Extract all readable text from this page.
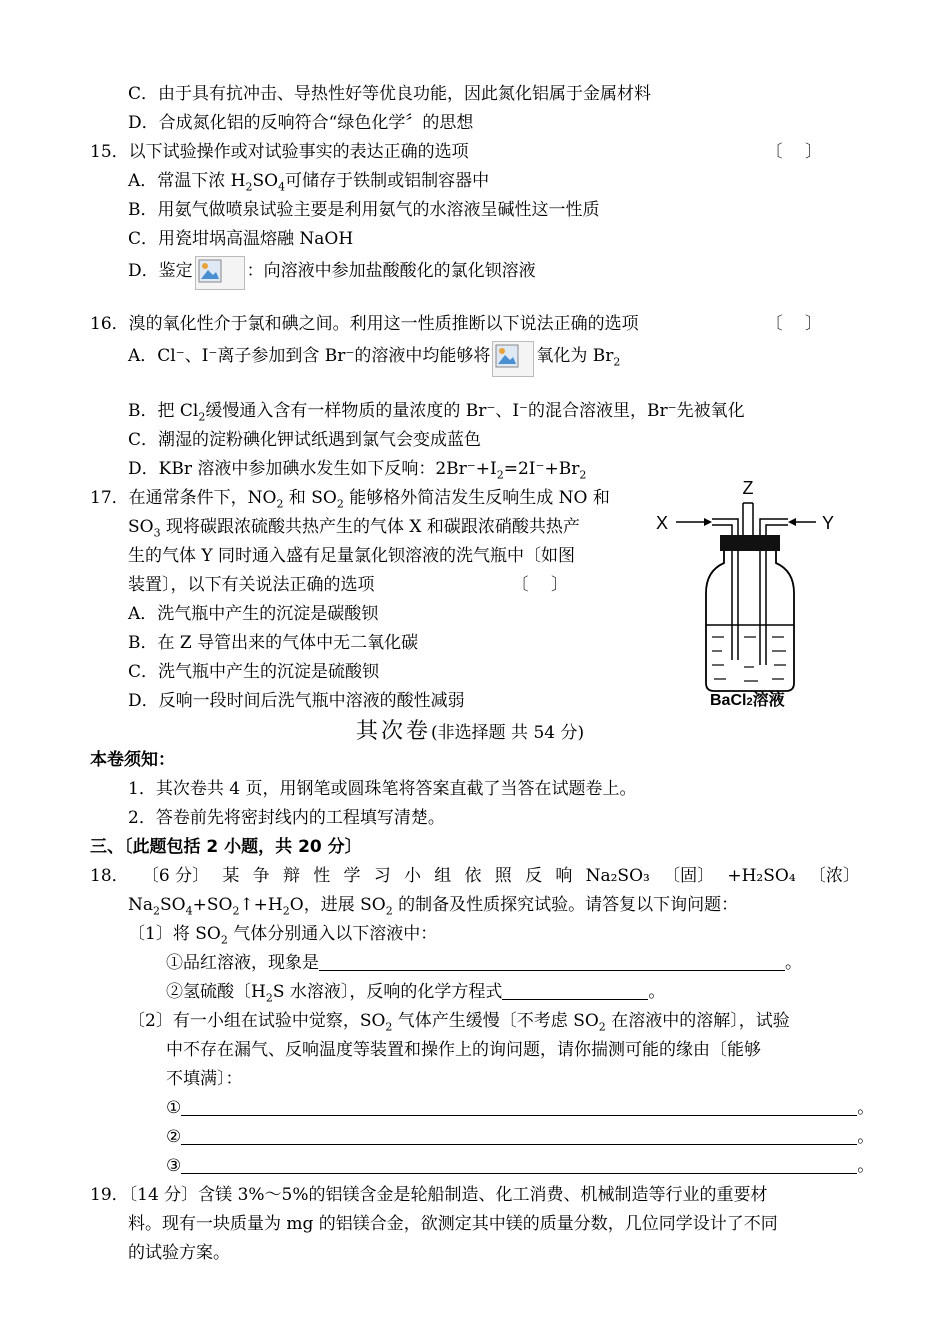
C．由于具有抗冲击、导热性好等优良功能，因此氮化铝属于金属材料
D．合成氮化铝的反响符合“绿色化学〞的思想
15．以下试验操作或对试验事实的表达正确的选项	〔　 〕
A．常温下浓 $H_2SO_4$可储存于铁制或铝制容器中
B．用氨气做喷泉试验主要是利用氨气的水溶液呈碱性这一性质
C．用瓷坩埚高温熔融 NaOH
D．鉴定	：向溶液中参加盐酸酸化的氯化钡溶液
16．溴的氧化性介于氯和碘之间。利用这一性质推断以下说法正确的选项	〔　 〕
A．Cl⁻、I⁻离子参加到含 Br⁻的溶液中均能够将	氧化为 $Br_2$
B．把 $Cl_2$缓慢通入含有一样物质的量浓度的 Br⁻、I⁻的混合溶液里，Br⁻先被氧化
C．潮湿的淀粉碘化钾试纸遇到氯气会变成蓝色
D．KBr 溶液中参加碘水发生如下反响：$2Br^-+I_2=2I^-+Br_2$
17．在通常条件下，$NO_2$ 和 $SO_2$ 能够格外简洁发生反响生成 NO 和
$SO_3$ 现将碳跟浓硫酸共热产生的气体 X 和碳跟浓硝酸共热产
生的气体 Y 同时通入盛有足量氯化钡溶液的洗气瓶中〔如图
装置〕，以下有关说法正确的选项	〔　 〕
A．洗气瓶中产生的沉淀是碳酸钡
B．在 Z 导管出来的气体中无二氧化碳
C．洗气瓶中产生的沉淀是硫酸钡
D．反响一段时间后洗气瓶中溶液的酸性减弱
Z
X	Y
BaCl2溶液
其次卷(非选择题 共 54 分)
本卷须知：
1．其次卷共 4 页，用钢笔或圆珠笔将答案直截了当答在试题卷上。
2．答卷前先将密封线内的工程填写清楚。
三、〔此题包括 2 小题，共 20 分〕
18． 〔6 分〕 某 争 辩 性 学 习 小 组 依 照 反 响 Na₂SO₃ 〔固〕 +H₂SO₄ 〔浓〕
$Na_2SO_4+SO_2↑+H_2O$，进展 $SO_2$ 的制备及性质探究试验。请答复以下询问题：
〔1〕将 $SO_2$ 气体分别通入以下溶液中：
①品红溶液，现象是	。
②氢硫酸〔$H_2S$ 水溶液〕，反响的化学方程式	。
〔2〕有一小组在试验中觉察，$SO_2$ 气体产生缓慢〔不考虑 $SO_2$ 在溶液中的溶解〕，试验
中不存在漏气、反响温度等装置和操作上的询问题，请你揣测可能的缘由〔能够
不填满〕：
①	。
②	。
③	。
19．〔14 分〕含镁 3%～5%的铝镁含金是轮船制造、化工消费、机械制造等行业的重要材
料。现有一块质量为 mg 的铝镁合金，欲测定其中镁的质量分数，几位同学设计了不同
的试验方案。
